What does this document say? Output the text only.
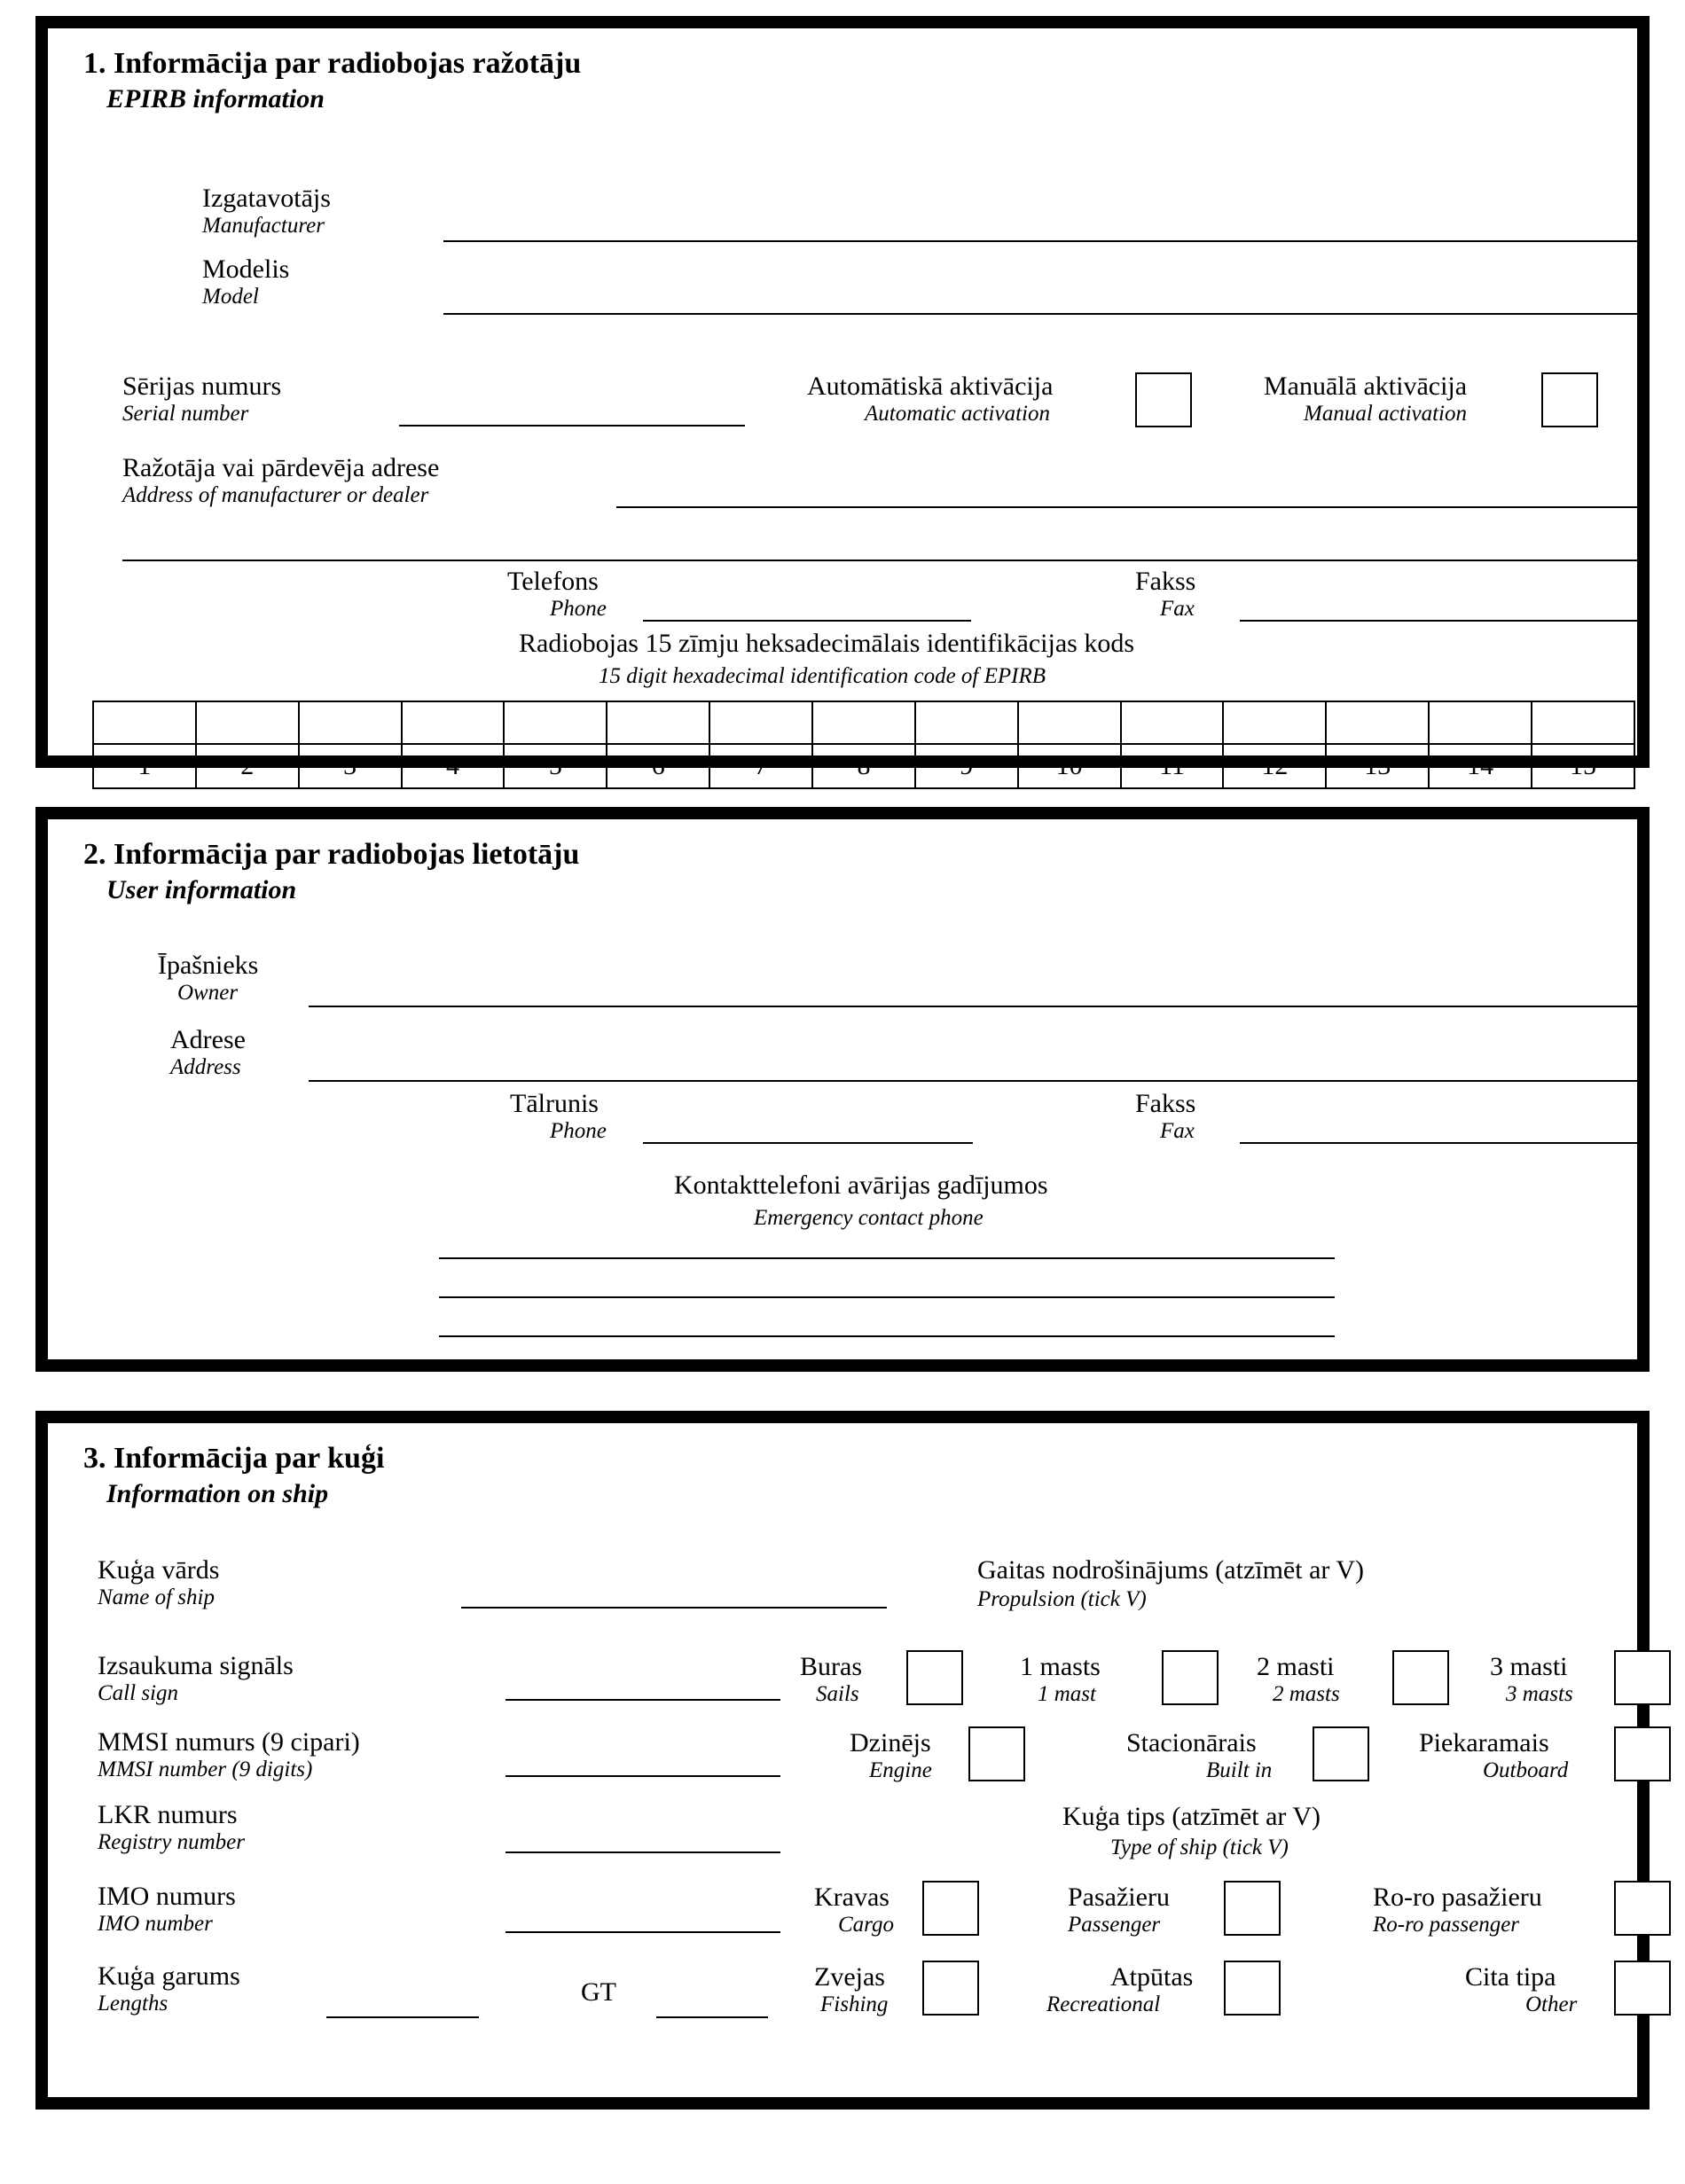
1. Informācija par radiobojas ražotāju
EPIRB information
Izgatavotājs
Manufacturer
Modelis
Model
Sērijas numurs
Serial number
Automātiskā aktivācija
Automatic activation
Manuālā aktivācija
Manual activation
Ražotāja vai pārdevēja adrese
Address of manufacturer or dealer
Telefons
Phone
Fakss
Fax
Radiobojas 15 zīmju heksadecimālais identifikācijas kods
15 digit hexadecimal identification code of EPIRB

1	2	3	4	5	6	7	8	9	10	11	12	13	14	15
2. Informācija par radiobojas lietotāju
User information
Īpašnieks
Owner
Adrese
Address
Tālrunis
Phone
Fakss
Fax
Kontakttelefoni avārijas gadījumos
Emergency contact phone
3. Informācija par kuģi
Information on ship
Kuģa vārds
Name of ship
Izsaukuma signāls
Call sign
MMSI numurs (9 cipari)
MMSI number (9 digits)
LKR numurs
Registry number
IMO numurs
IMO number
Kuģa garums
Lengths	GT
Gaitas nodrošinājums (atzīmēt ar V)
Propulsion (tick V)
Buras
Sails
1 masts
1 mast
2 masti
2 masts
3 masti
3 masts
Dzinējs
Engine
Stacionārais
Built in
Piekaramais
Outboard
Kuģa tips (atzīmēt ar V)
Type of ship (tick V)
Kravas
Cargo
Pasažieru
Passenger
Ro-ro pasažieru
Ro-ro passenger
Zvejas
Fishing
Atpūtas
Recreational
Cita tipa
Other
